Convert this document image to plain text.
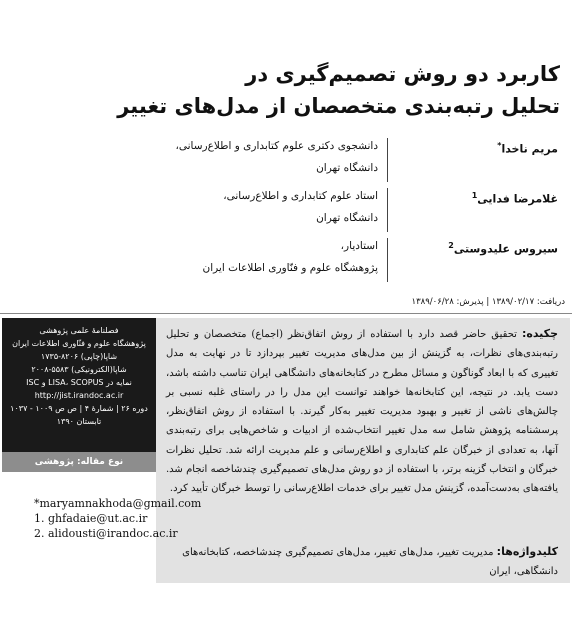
کاربرد دو روش تصمیم‌گیری در
تحلیل رتبه‌بندی متخصصان از مدل‌های تغییر
مریم ناخدا*
دانشجوی دکتری علوم کتابداری و اطلاع‌رسانی،
دانشگاه تهران
غلامرضا فدایی$^1$
استاد علوم کتابداری و اطلاع‌رسانی،
دانشگاه تهران
سیروس علیدوستی$^2$
استادیار،
پژوهشگاه علوم و فنّاوری اطلاعات ایران
دریافت: ۱۳۸۹/۰۲/۱۷ | پذیرش: ۱۳۸۹/۰۶/۲۸
فصلنامهٔ علمی پژوهشی
پژوهشگاه علوم و فنّاوری اطلاعات ایران
شاپا(چاپی) ۸۲۰۶-۱۷۳۵
شاپا(الکترونیکی) ۵۵۸۳-۲۰۰۸
نمایه در LISA، SCOPUS و ISC
http://jist.irandoc.ac.ir
دوره ۲۶ | شمارهٔ ۴ | ص ص ۱۰۰۹ - ۱۰۳۷
تابستان ۱۳۹۰
نوع مقاله: پژوهشی
چکیده: تحقیق حاضر قصد دارد با استفاده از روش اتفاق‌نظر (اجماع) متخصصان و تحلیل رتبه‌بندی‌های نظرات، به گزینش از بین مدل‌های مدیریت تغییر بپردازد تا در نهایت به مدل تغییری که با ابعاد گوناگون و مسائل مطرح در کتابخانه‌های دانشگاهی ایران تناسب داشته باشد، دست یابد. در نتیجه، این کتابخانه‌ها خواهند توانست این مدل را در راستای غلبه نسبی بر چالش‌های ناشی از تغییر و بهبود مدیریت تغییر به‌کار گیرند. با استفاده از روش اتفاق‌نظر، پرسشنامه پژوهش شامل سه مدل تغییر انتخاب‌شده از ادبیات و شاخص‌هایی برای رتبه‌بندی آنها، به تعدادی از خبرگان علم کتابداری و اطلاع‌رسانی و علم مدیریت ارائه شد. تحلیل نظرات خبرگان و انتخاب گزینه برتر، با استفاده از دو روش مدل‌های تصمیم‌گیری چندشاخصه انجام شد. یافته‌های به‌دست‌آمده، گزینش مدل تغییر برای خدمات اطلاع‌رسانی را توسط خبرگان تأیید کرد.
کلیدواژه‌ها: مدیریت تغییر، مدل‌های تغییر، مدل‌های تصمیم‌گیری چندشاخصه، کتابخانه‌های دانشگاهی، ایران
*maryamnakhoda@gmail.com
1. ghfadaie@ut.ac.ir
2. alidousti@irandoc.ac.ir
